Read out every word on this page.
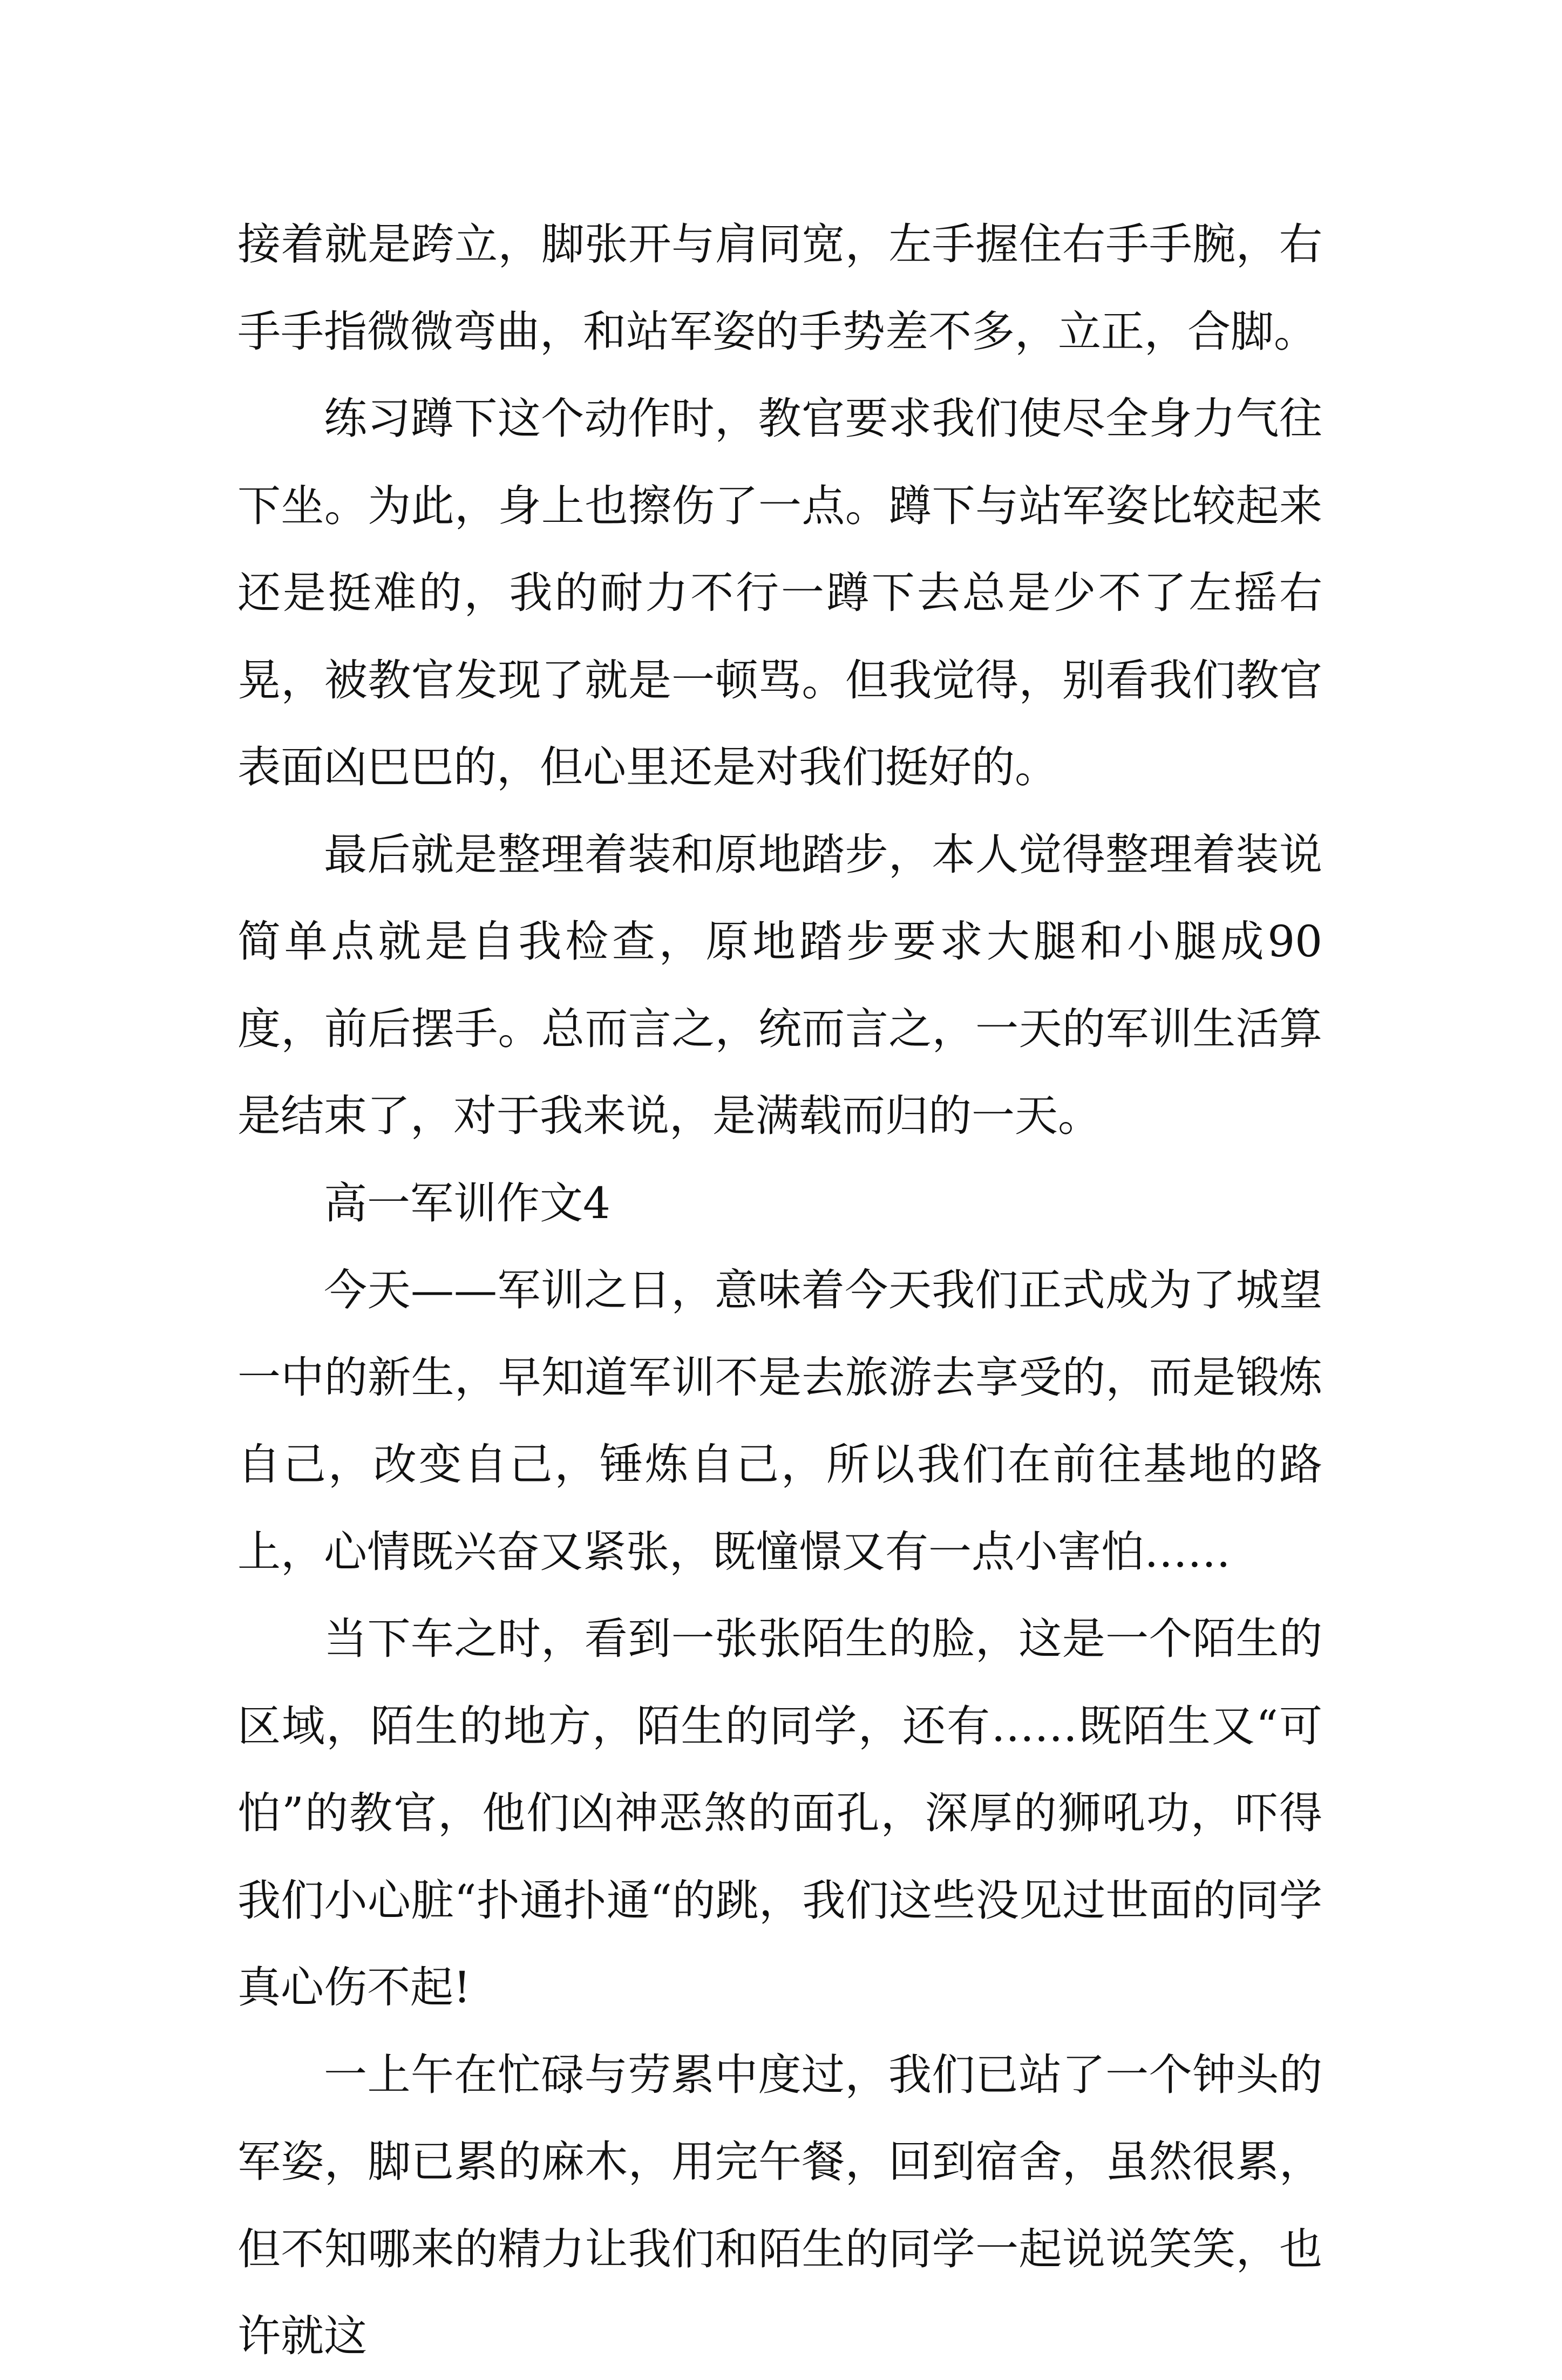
接着就是跨立，脚张开与肩同宽，左手握住右手手腕，右手手指微微弯曲，和站军姿的手势差不多，立正，合脚。

练习蹲下这个动作时，教官要求我们使尽全身力气往下坐。为此，身上也擦伤了一点。蹲下与站军姿比较起来还是挺难的，我的耐力不行一蹲下去总是少不了左摇右晃，被教官发现了就是一顿骂。但我觉得，别看我们教官表面凶巴巴的，但心里还是对我们挺好的。

最后就是整理着装和原地踏步，本人觉得整理着装说简单点就是自我检查，原地踏步要求大腿和小腿成90度，前后摆手。总而言之，统而言之，一天的军训生活算是结束了，对于我来说，是满载而归的一天。

高一军训作文4

今天——军训之日，意味着今天我们正式成为了城望一中的新生，早知道军训不是去旅游去享受的，而是锻炼自己，改变自己，锤炼自己，所以我们在前往基地的路上，心情既兴奋又紧张，既憧憬又有一点小害怕……

当下车之时，看到一张张陌生的脸，这是一个陌生的区域，陌生的地方，陌生的同学，还有……既陌生又“可怕”的教官，他们凶神恶煞的面孔，深厚的狮吼功，吓得我们小心脏“扑通扑通“的跳，我们这些没见过世面的同学真心伤不起!

一上午在忙碌与劳累中度过，我们已站了一个钟头的军姿，脚已累的麻木，用完午餐，回到宿舍，虽然很累，但不知哪来的精力让我们和陌生的同学一起说说笑笑，也许就这
